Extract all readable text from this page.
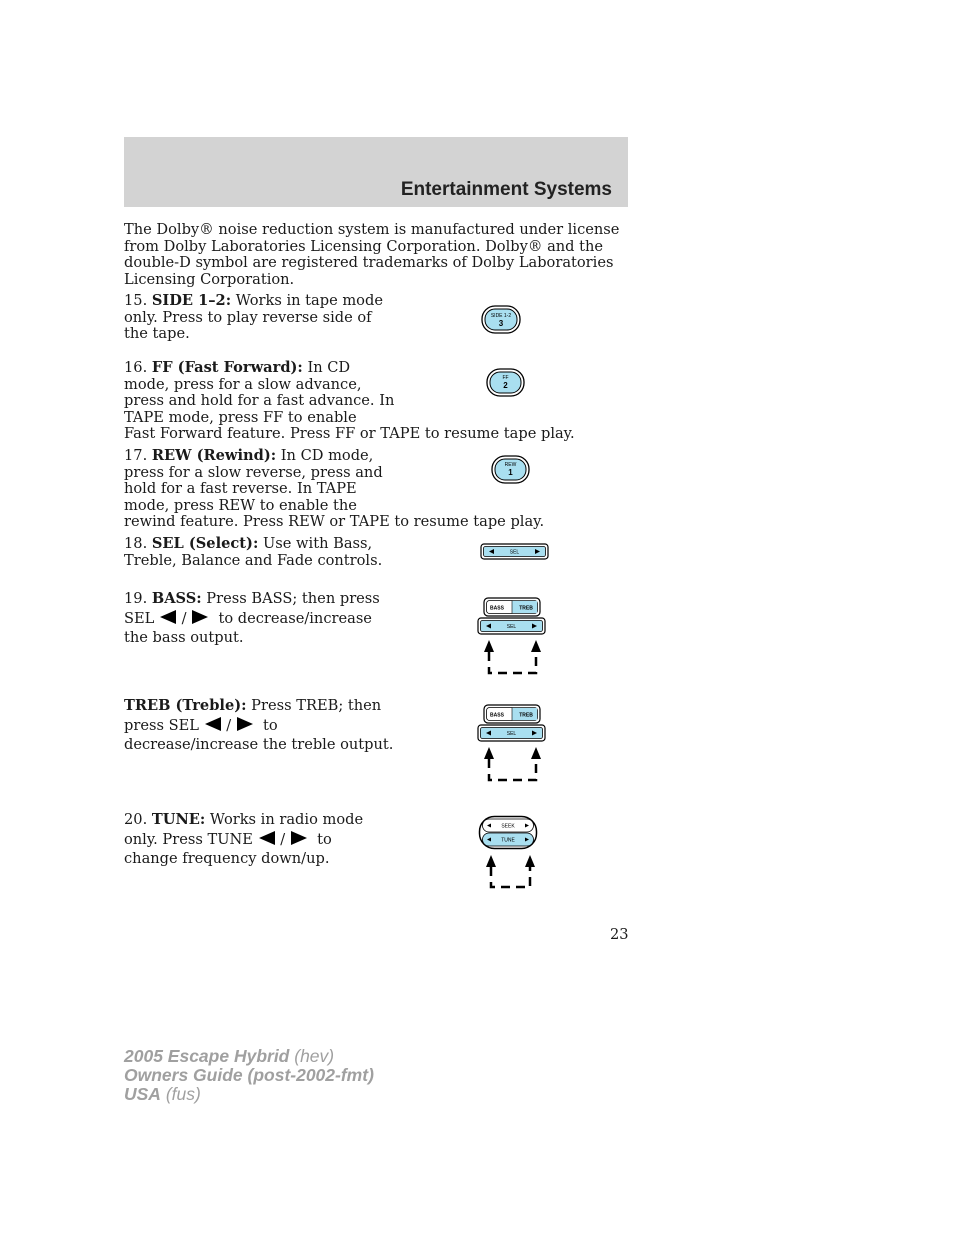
Entertainment Systems
The Dolby® noise reduction system is manufactured under license from Dolby Laboratories Licensing Corporation. Dolby® and the double-D symbol are registered trademarks of Dolby Laboratories Licensing Corporation.
15. SIDE 1–2: Works in tape mode
only. Press to play reverse side of
the tape.
SIDE 1-2
3
16. FF (Fast Forward): In CD
mode, press for a slow advance,
press and hold for a fast advance. In
TAPE mode, press FF to enable
Fast Forward feature. Press FF or TAPE to resume tape play.
FF
2
17. REW (Rewind): In CD mode,
press for a slow reverse, press and
hold for a fast reverse. In TAPE
mode, press REW to enable the
rewind feature. Press REW or TAPE to resume tape play.
REW
1
18. SEL (Select): Use with Bass,
Treble, Balance and Fade controls.	SEL
19. BASS: Press BASS; then press
SEL  / to decrease/increase
the bass output.
BASS	TREB
SEL
TREB (Treble): Press TREB; then
press SEL  / to
decrease/increase the treble output.
BASS	TREB
SEL
20. TUNE: Works in radio mode
only. Press TUNE  / to
change frequency down/up.
SEEK
TUNE
23
2005 Escape Hybrid (hev)
Owners Guide (post-2002-fmt)
USA (fus)
